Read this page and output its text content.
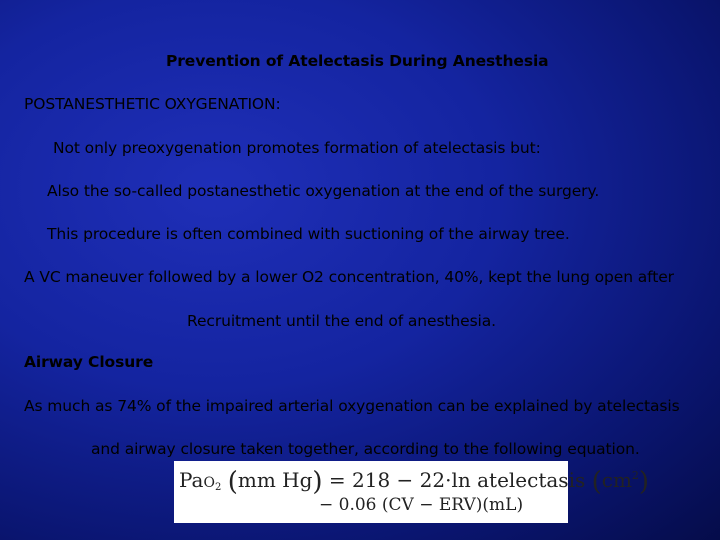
Prevention of Atelectasis During Anesthesia
POSTANESTHETIC OXYGENATION:
Not only preoxygenation promotes formation of atelectasis but:
Also the so-called postanesthetic oxygenation at the end of the surgery.
This procedure is often combined with suctioning of the airway tree.
A VC maneuver followed by a lower O2 concentration, 40%, kept the lung open after
Recruitment until the end of anesthesia.
Airway Closure
As much as 74% of the impaired arterial oxygenation can be explained by atelectasis
and airway closure taken together, according to the following equation.
PaO2 (mm Hg) = 218 − 22·ln atelectasis $(cm^2)$
− 0.06 (CV − ERV)(mL)
